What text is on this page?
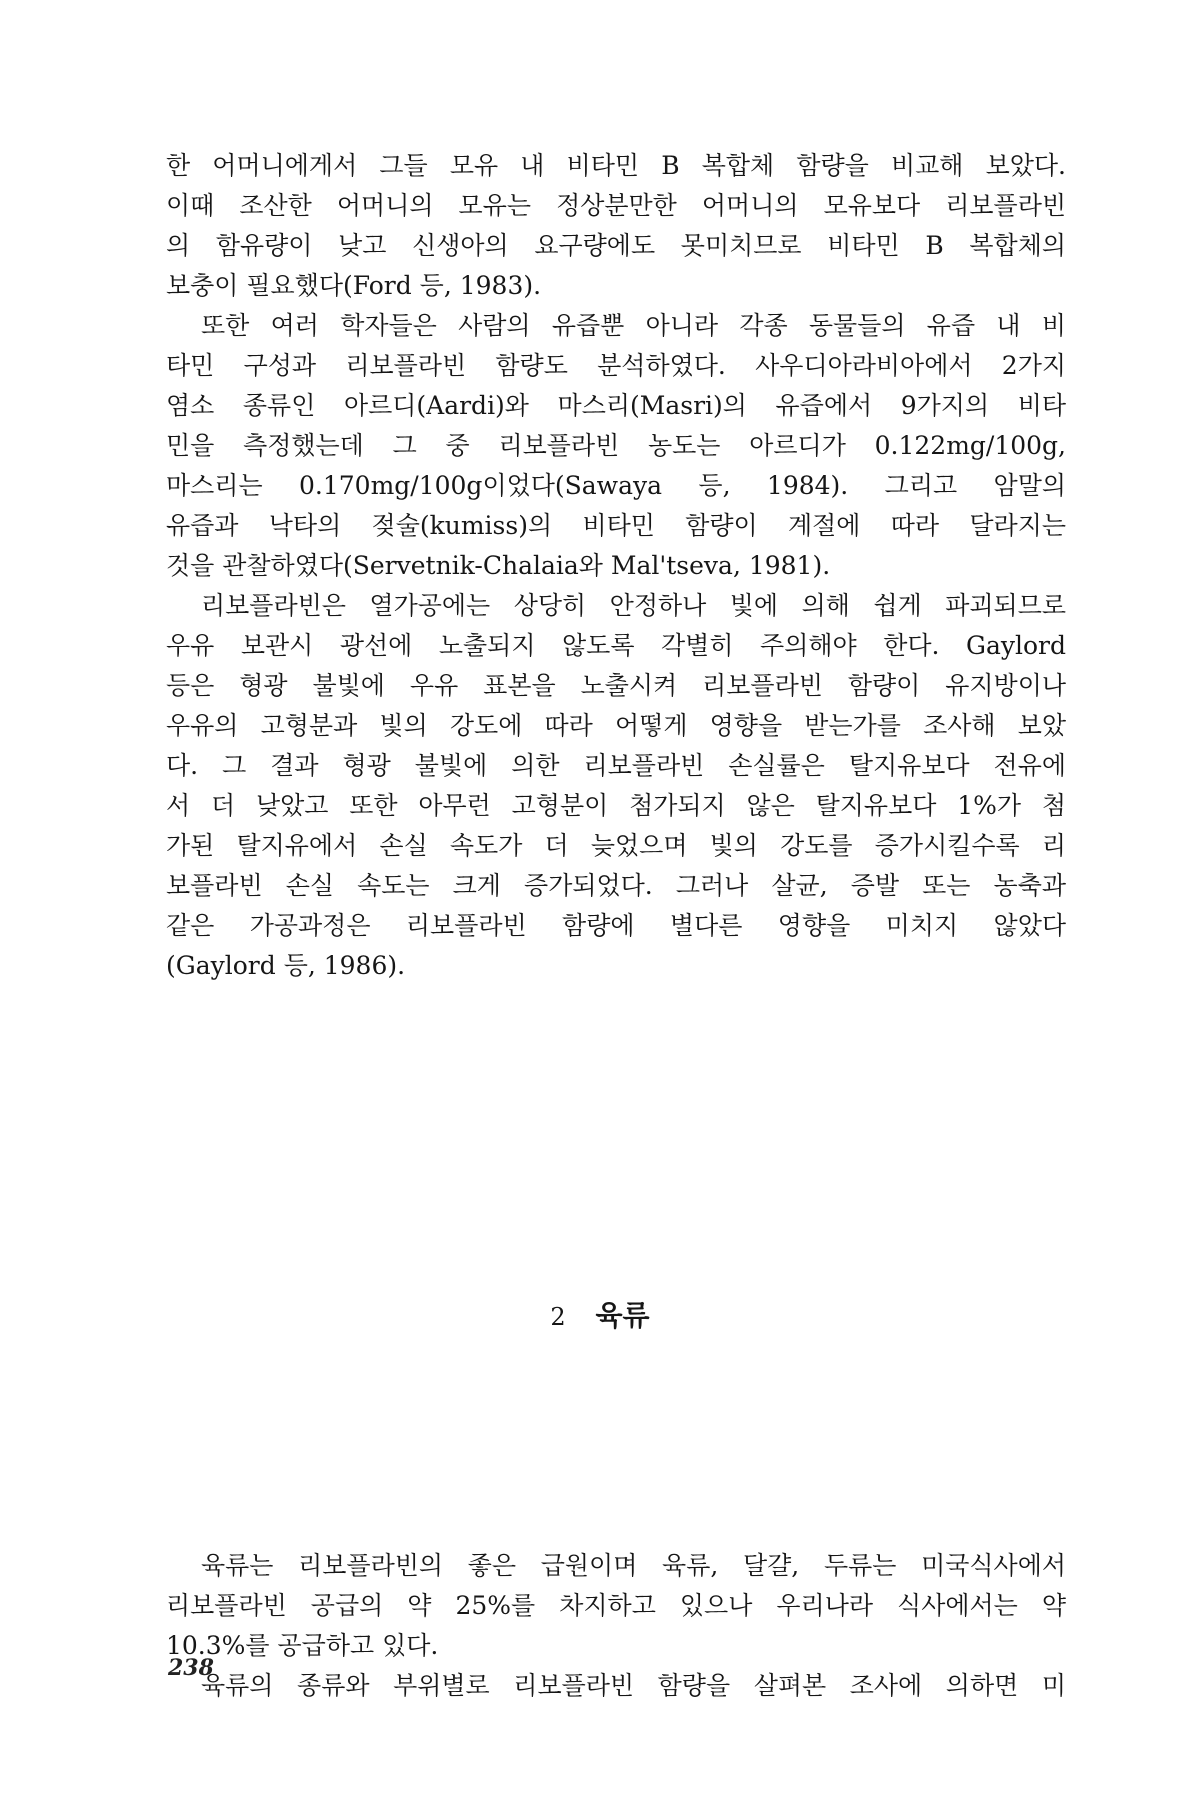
한 어머니에게서 그들 모유 내 비타민 B 복합체 함량을 비교해 보았다.
이때 조산한 어머니의 모유는 정상분만한 어머니의 모유보다 리보플라빈
의 함유량이 낮고 신생아의 요구량에도 못미치므로 비타민 B 복합체의
보충이 필요했다(Ford 등, 1983).
또한 여러 학자들은 사람의 유즙뿐 아니라 각종 동물들의 유즙 내 비
타민 구성과 리보플라빈 함량도 분석하였다. 사우디아라비아에서 2가지
염소 종류인 아르디(Aardi)와 마스리(Masri)의 유즙에서 9가지의 비타
민을 측정했는데 그 중 리보플라빈 농도는 아르디가 0.122mg/100g,
마스리는 0.170mg/100g이었다(Sawaya 등, 1984). 그리고 암말의
유즙과 낙타의 젖술(kumiss)의 비타민 함량이 계절에 따라 달라지는
것을 관찰하였다(Servetnik-Chalaia와 Mal'tseva, 1981).
리보플라빈은 열가공에는 상당히 안정하나 빛에 의해 쉽게 파괴되므로
우유 보관시 광선에 노출되지 않도록 각별히 주의해야 한다. Gaylord
등은 형광 불빛에 우유 표본을 노출시켜 리보플라빈 함량이 유지방이나
우유의 고형분과 빛의 강도에 따라 어떻게 영향을 받는가를 조사해 보았
다. 그 결과 형광 불빛에 의한 리보플라빈 손실률은 탈지유보다 전유에
서 더 낮았고 또한 아무런 고형분이 첨가되지 않은 탈지유보다 1%가 첨
가된 탈지유에서 손실 속도가 더 늦었으며 빛의 강도를 증가시킬수록 리
보플라빈 손실 속도는 크게 증가되었다. 그러나 살균, 증발 또는 농축과
같은 가공과정은 리보플라빈 함량에 별다른 영향을 미치지 않았다
(Gaylord 등, 1986).
2 육류
육류는 리보플라빈의 좋은 급원이며 육류, 달걀, 두류는 미국식사에서
리보플라빈 공급의 약 25%를 차지하고 있으나 우리나라 식사에서는 약
10.3%를 공급하고 있다.
육류의 종류와 부위별로 리보플라빈 함량을 살펴본 조사에 의하면 미
238
